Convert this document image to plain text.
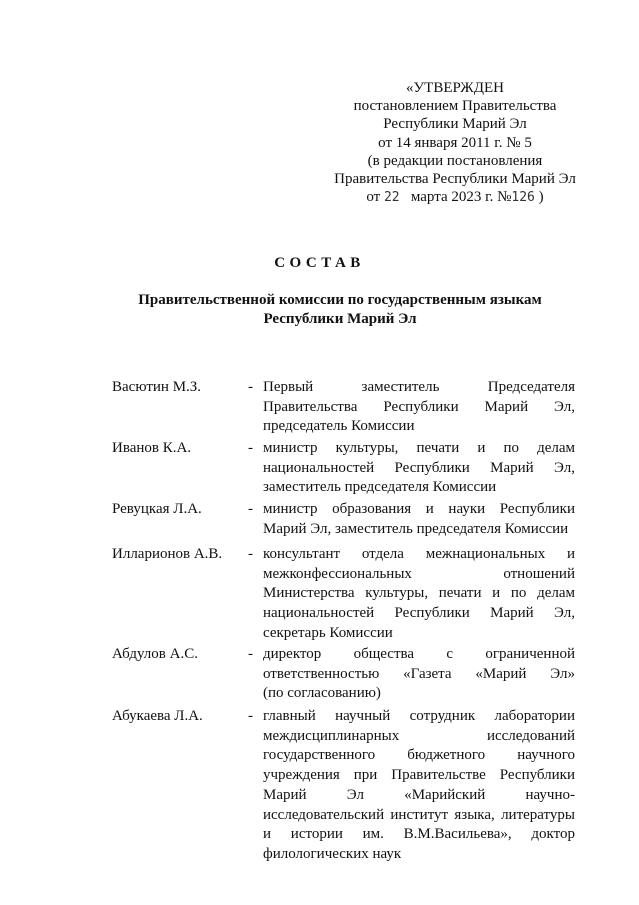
«УТВЕРЖДЕН
постановлением Правительства
Республики Марий Эл
от 14 января 2011 г. № 5
(в редакции постановления
Правительства Республики Марий Эл
от 22 марта 2023 г. №126 )
СОСТАВ
Правительственной комиссии по государственным языкам
Республики Марий Эл
Васютин М.З.	- Первый заместитель Председателя
Правительства Республики Марий Эл,
председатель Комиссии
Иванов К.А.	- министр культуры, печати и по делам
национальностей Республики Марий Эл,
заместитель председателя Комиссии
Ревуцкая Л.А.	- министр образования и науки Республики
Марий Эл, заместитель председателя Комиссии
Илларионов А.В. - консультант отдела межнациональных и
межконфессиональных отношений
Министерства культуры, печати и по делам
национальностей Республики Марий Эл,
секретарь Комиссии
Абдулов А.С.	- директор общества с ограниченной
ответственностью «Газета «Марий Эл»
(по согласованию)
Абукаева Л.А.	- главный научный сотрудник лаборатории
междисциплинарных исследований
государственного бюджетного научного
учреждения при Правительстве Республики
Марий Эл «Марийский научно-
исследовательский институт языка, литературы
и истории им. В.М.Васильева», доктор
филологических наук
